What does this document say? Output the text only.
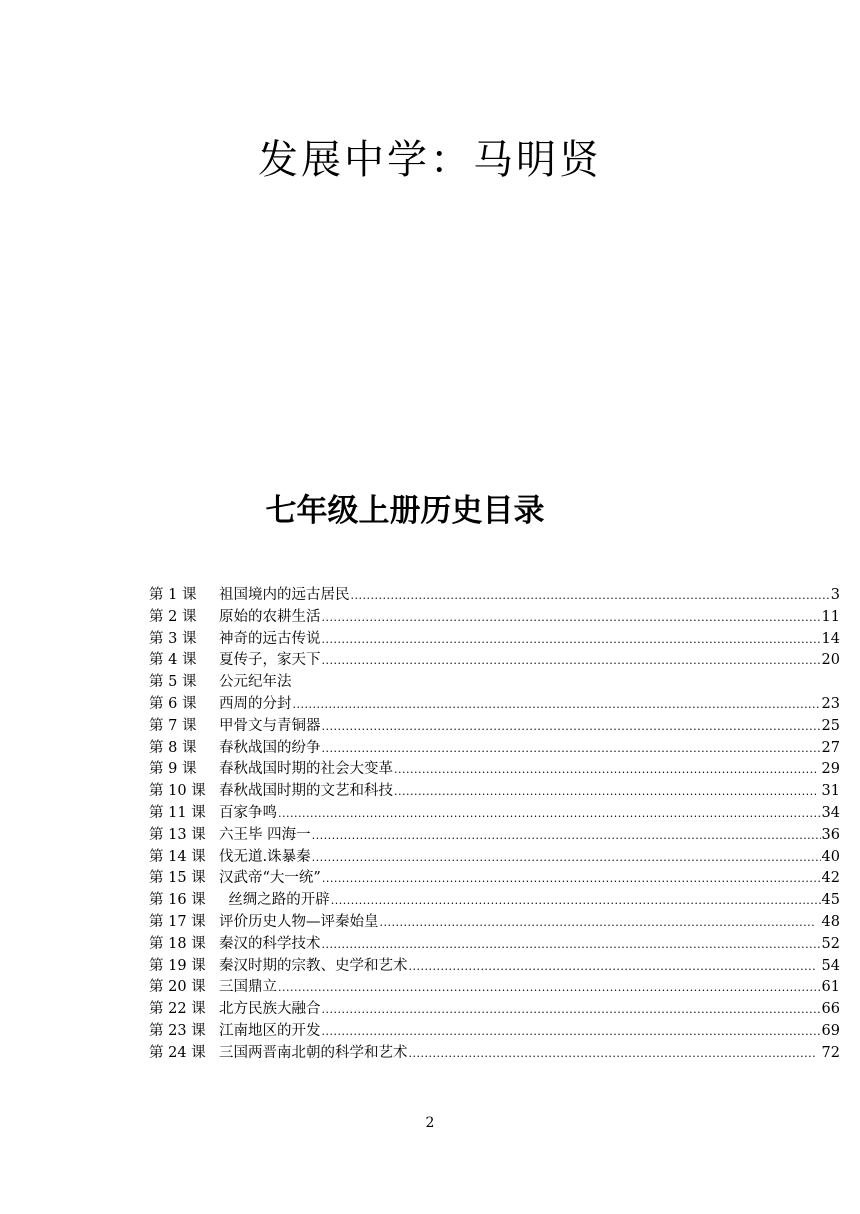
发展中学：马明贤
七年级上册历史目录
第 1 课	祖国境内的远古居民 .....	3
第 2 课	原始的农耕生活 .....	11
第 3 课	神奇的远古传说 .....	14
第 4 课	夏传子，家天下 .....	20
第 5 课	公元纪年法
第 6 课	西周的分封 .....	23
第 7 课	甲骨文与青铜器 .....	25
第 8 课	春秋战国的纷争 .....	27
第 9 课	春秋战国时期的社会大变革 .....	29
第 10 课 春秋战国时期的文艺和科技 .....	31
第 11 课 百家争鸣 .....	34
第 13 课 六王毕 四海一 .....	36
第 14 课 伐无道.诛暴秦 .....	40
第 15 课 汉武帝“大一统” .....	42
第 16 课 丝绸之路的开辟 .....	45
第 17 课 评价历史人物—评秦始皇 .....	48
第 18 课 秦汉的科学技术 .....	52
第 19 课 秦汉时期的宗教、史学和艺术 .....	54
第 20 课 三国鼎立 .....	61
第 22 课 北方民族大融合 .....	66
第 23 课 江南地区的开发 .....	69
第 24 课 三国两晋南北朝的科学和艺术 .....	72
2
